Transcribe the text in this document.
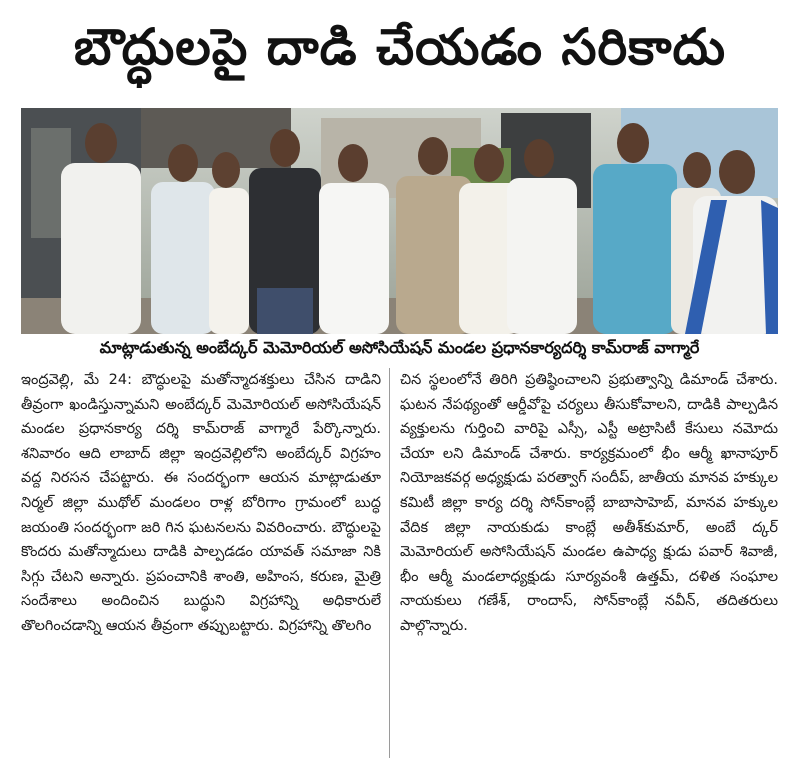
బౌద్ధులపై దాడి చేయడం సరికాదు
మాట్లాడుతున్న అంబేద్కర్ మెమోరియల్ అసోసియేషన్ మండల ప్రధానకార్యదర్శి కామ్‌రాజ్ వాగ్మారే

ఇంద్రవెల్లి, మే 24: బౌద్ధులపై మతోన్మాదశక్తులు చేసిన దాడిని తీవ్రంగా ఖండిస్తున్నామని అంబేద్కర్ మెమోరియల్ అసోసియేషన్ మండల ప్రధానకార్య దర్శి కామ్‌రాజ్ వాగ్మారే పేర్కొన్నారు. శనివారం ఆది లాబాద్ జిల్లా ఇంద్రవెల్లిలోని అంబేద్కర్ విగ్రహం వద్ద నిరసన చేపట్టారు. ఈ సందర్భంగా ఆయన మాట్లాడుతూ నిర్మల్ జిల్లా ముథోల్ మండలం రాళ్ల బోరిగాం గ్రామంలో బుద్ధ జయంతి సందర్భంగా జరి గిన ఘటనలను వివరించారు. బౌద్ధులపై కొందరు మతోన్మాదులు దాడికి పాల్పడడం యావత్ సమాజా నికి సిగ్గు చేటని అన్నారు. ప్రపంచానికి శాంతి, అహింస, కరుణ, మైత్రి సందేశాలు అందించిన బుద్ధుని విగ్రహాన్ని అధికారులే తొలగించడాన్ని ఆయన తీవ్రంగా తప్పుబట్టారు. విగ్రహాన్ని తొలగిం

చిన స్థలంలోనే తిరిగి ప్రతిష్ఠించాలని ప్రభుత్వాన్ని డిమాండ్ చేశారు. ఘటన నేపథ్యంతో ఆర్డీవోపై చర్యలు తీసుకోవాలని, దాడికి పాల్పడిన వ్యక్తులను గుర్తించి వారిపై ఎస్సీ, ఎస్టీ అట్రాసిటీ కేసులు నమోదు చేయా లని డిమాండ్ చేశారు. కార్యక్రమంలో భీం ఆర్మీ ఖానాపూర్ నియోజకవర్గ అధ్యక్షుడు పరత్వాగ్ సందీప్, జాతీయ మానవ హక్కుల కమిటీ జిల్లా కార్య దర్శి సోన్‌కాంబ్లే బాబాసాహెబ్, మానవ హక్కుల వేదిక జిల్లా నాయకుడు కాంబ్లే అతీశ్‌కుమార్, అంబే ద్కర్ మెమోరియల్ అసోసియేషన్ మండల ఉపాధ్య క్షుడు పవార్ శివాజీ, భీం ఆర్మీ మండలాధ్యక్షుడు సూర్యవంశీ ఉత్తమ్, దళిత సంఘాల నాయకులు గణేశ్, రాందాస్, సోన్‌కాంబ్లే నవీన్, తదితరులు పాల్గొన్నారు.
